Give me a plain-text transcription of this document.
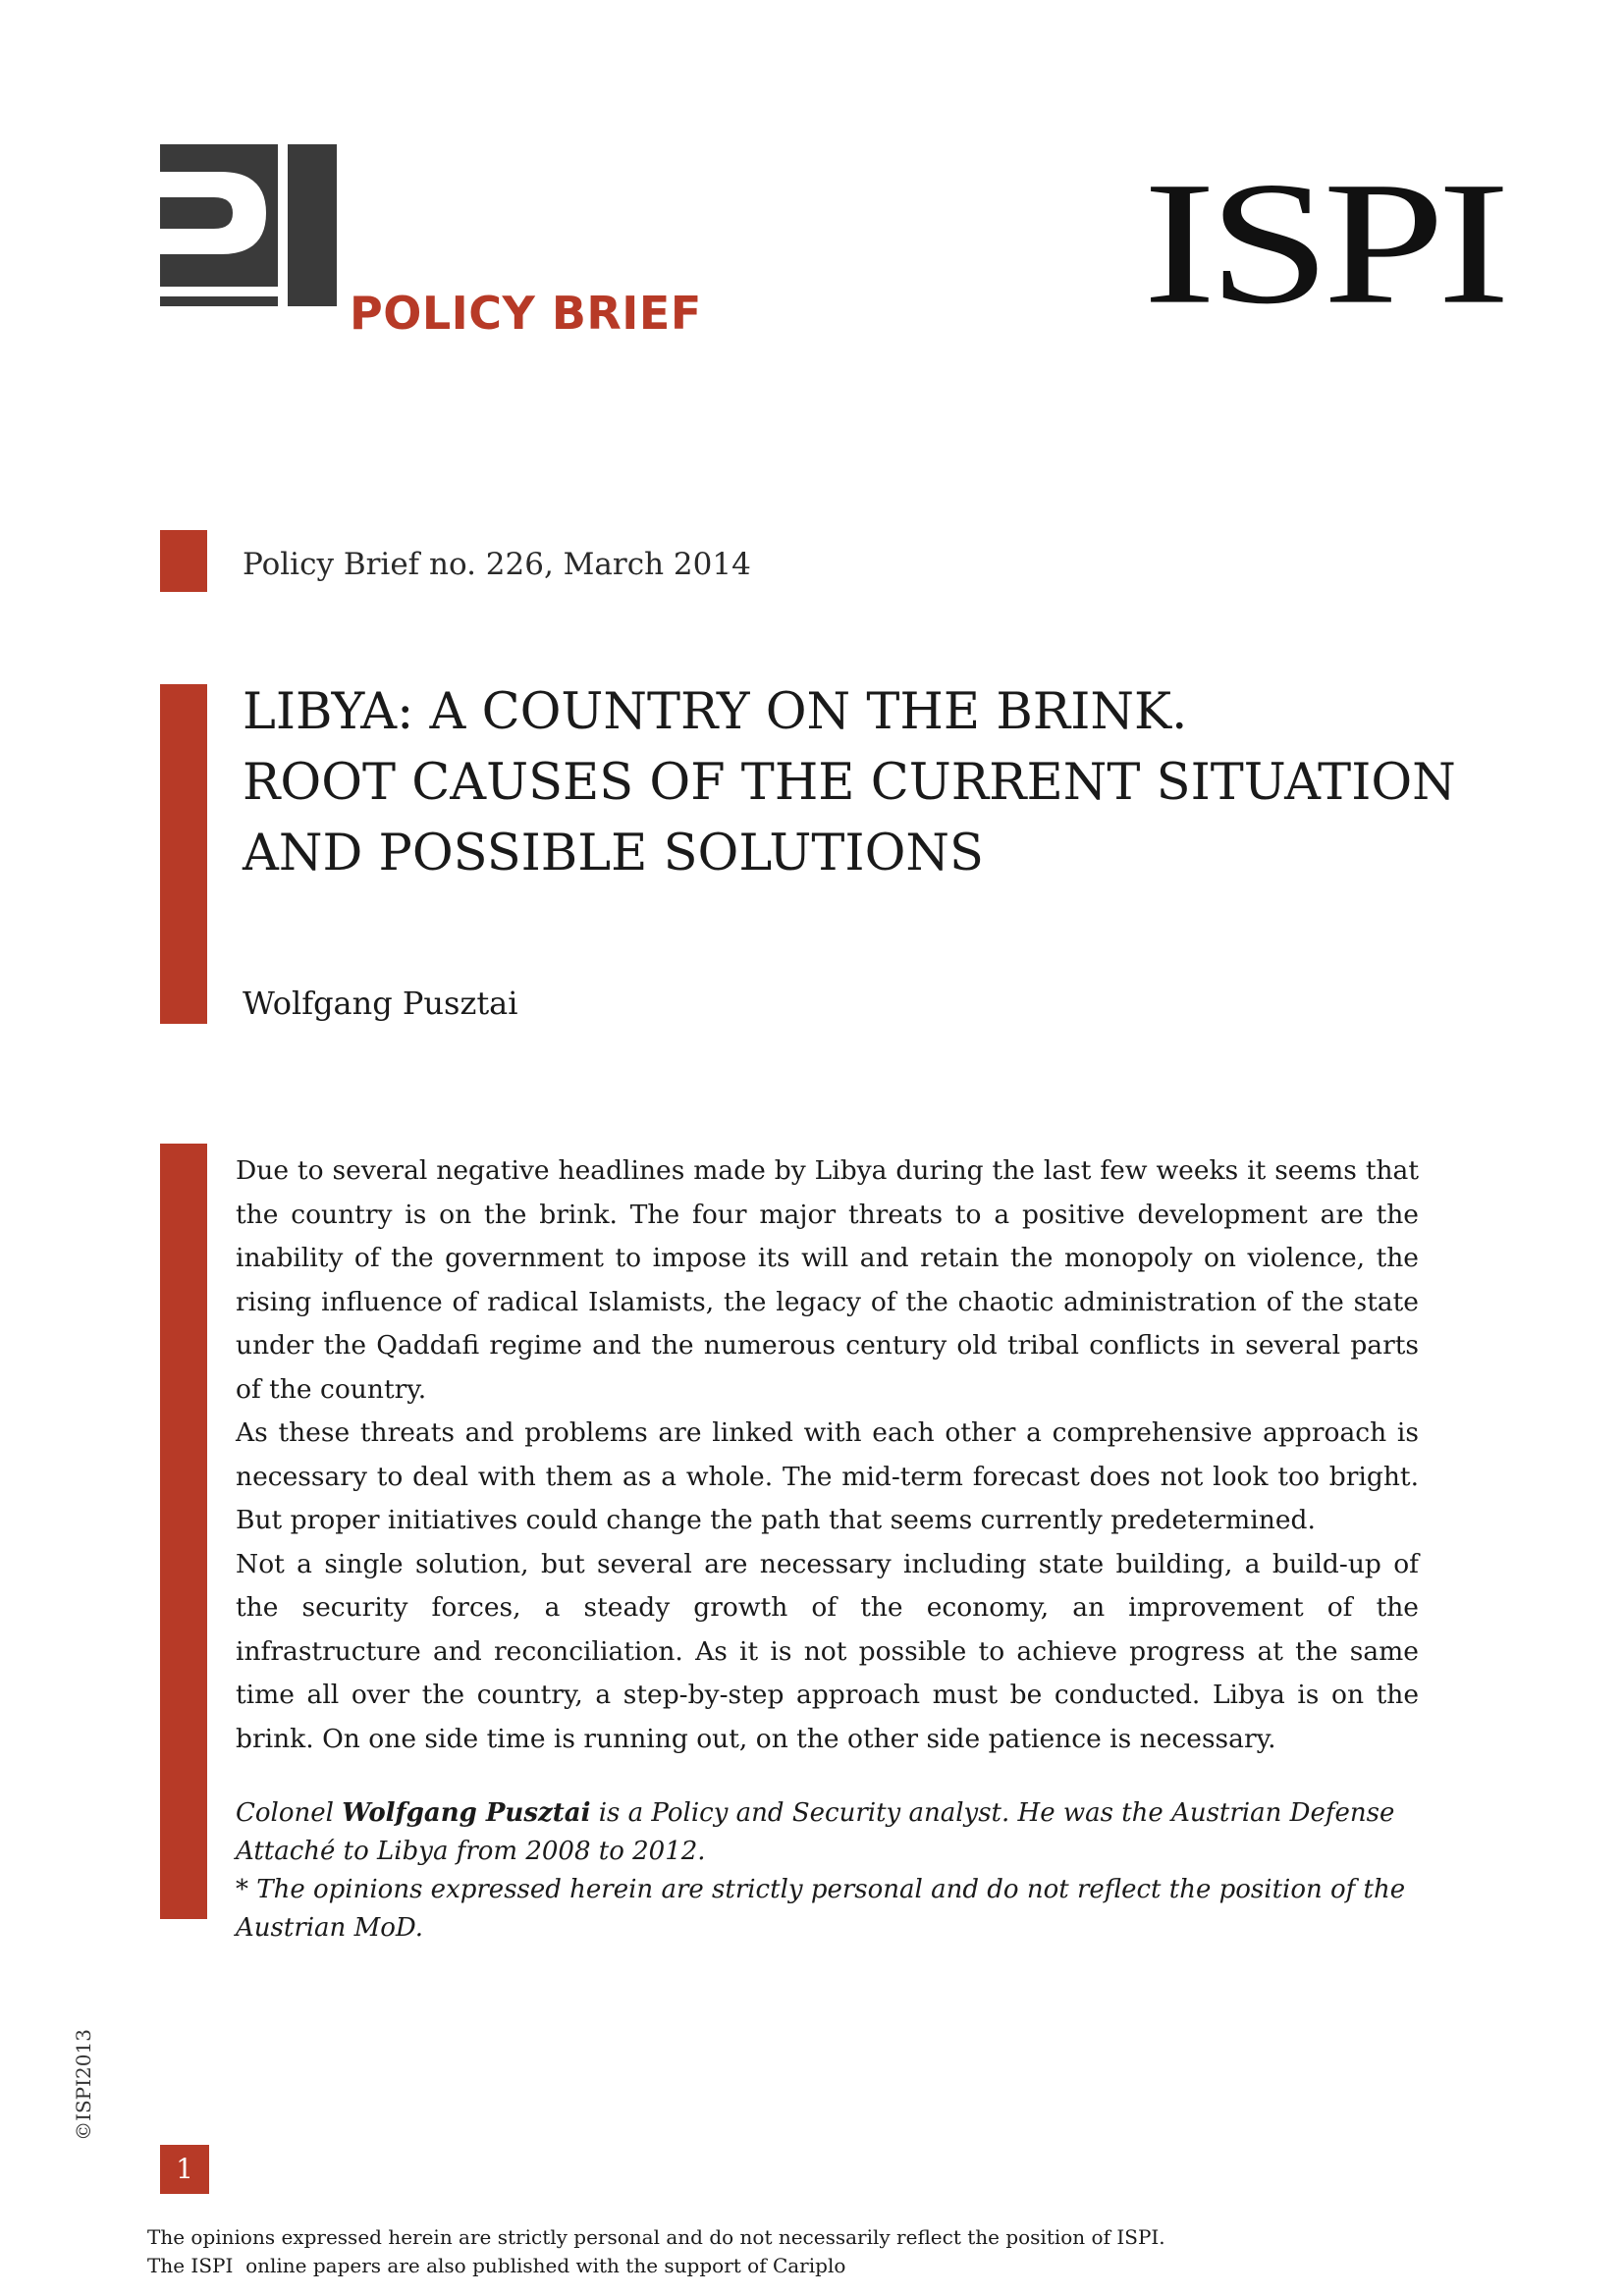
POLICY BRIEF ISPI
Policy Brief no. 226, March 2014
LIBYA: A COUNTRY ON THE BRINK.
ROOT CAUSES OF THE CURRENT SITUATION
AND POSSIBLE SOLUTIONS
Wolfgang Pusztai

Due to several negative headlines made by Libya during the last few weeks it seems that the country is on the brink. The four major threats to a positive development are the inability of the government to impose its will and retain the monopoly on violence, the rising influence of radical Islamists, the legacy of the chaotic administration of the state under the Qaddafi regime and the numerous century old tribal conflicts in several parts of the country.

As these threats and problems are linked with each other a comprehensive approach is necessary to deal with them as a whole. The mid-term forecast does not look too bright. But proper initiatives could change the path that seems currently predetermined.

Not a single solution, but several are necessary including state building, a build-up of the security forces, a steady growth of the economy, an improvement of the infrastructure and reconciliation. As it is not possible to achieve progress at the same time all over the country, a step-by-step approach must be conducted. Libya is on the brink. On one side time is running out, on the other side patience is necessary.

Colonel Wolfgang Pusztai is a Policy and Security analyst. He was the Austrian Defense Attaché to Libya from 2008 to 2012.

* The opinions expressed herein are strictly personal and do not reflect the position of the Austrian MoD.

©ISPI2013
1
The opinions expressed herein are strictly personal and do not necessarily reflect the position of ISPI.
The ISPI  online papers are also published with the support of Cariplo
